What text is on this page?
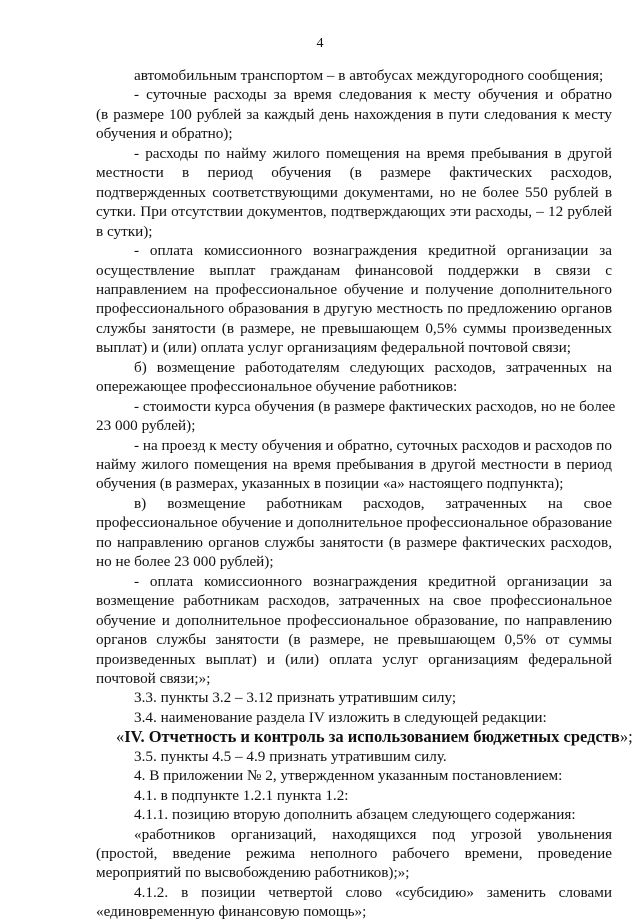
4
автомобильным транспортом – в автобусах междугородного сообщения;
- суточные расходы за время следования к месту обучения и обратно
(в размере 100 рублей за каждый день нахождения в пути следования к месту
обучения и обратно);
- расходы по найму жилого помещения на время пребывания в другой
местности в период обучения (в размере фактических расходов,
подтвержденных соответствующими документами, но не более 550 рублей в
сутки. При отсутствии документов, подтверждающих эти расходы, – 12 рублей
в сутки);
- оплата комиссионного вознаграждения кредитной организации за
осуществление выплат гражданам финансовой поддержки в связи с
направлением на профессиональное обучение и получение дополнительного
профессионального образования в другую местность по предложению органов
службы занятости (в размере, не превышающем 0,5% суммы произведенных
выплат) и (или) оплата услуг организациям федеральной почтовой связи;
б) возмещение работодателям следующих расходов, затраченных на
опережающее профессиональное обучение работников:
- стоимости курса обучения (в размере фактических расходов, но не более
23 000 рублей);
- на проезд к месту обучения и обратно, суточных расходов и расходов по
найму жилого помещения на время пребывания в другой местности в период
обучения (в размерах, указанных в позиции «а» настоящего подпункта);
в) возмещение работникам расходов, затраченных на свое
профессиональное обучение и дополнительное профессиональное образование
по направлению органов службы занятости (в размере фактических расходов,
но не более 23 000 рублей);
- оплата комиссионного вознаграждения кредитной организации за
возмещение работникам расходов, затраченных на свое профессиональное
обучение и дополнительное профессиональное образование, по направлению
органов службы занятости (в размере, не превышающем 0,5% от суммы
произведенных выплат) и (или) оплата услуг организациям федеральной
почтовой связи;»;
3.3. пункты 3.2 – 3.12 признать утратившим силу;
3.4. наименование раздела IV изложить в следующей редакции:
«IV. Отчетность и контроль за использованием бюджетных средств»;
3.5. пункты 4.5 – 4.9 признать утратившим силу.
4. В приложении № 2, утвержденном указанным постановлением:
4.1. в подпункте 1.2.1 пункта 1.2:
4.1.1. позицию вторую дополнить абзацем следующего содержания:
«работников организаций, находящихся под угрозой увольнения
(простой, введение режима неполного рабочего времени, проведение
мероприятий по высвобождению работников);»;
4.1.2. в позиции четвертой слово «субсидию» заменить словами
«единовременную финансовую помощь»;
